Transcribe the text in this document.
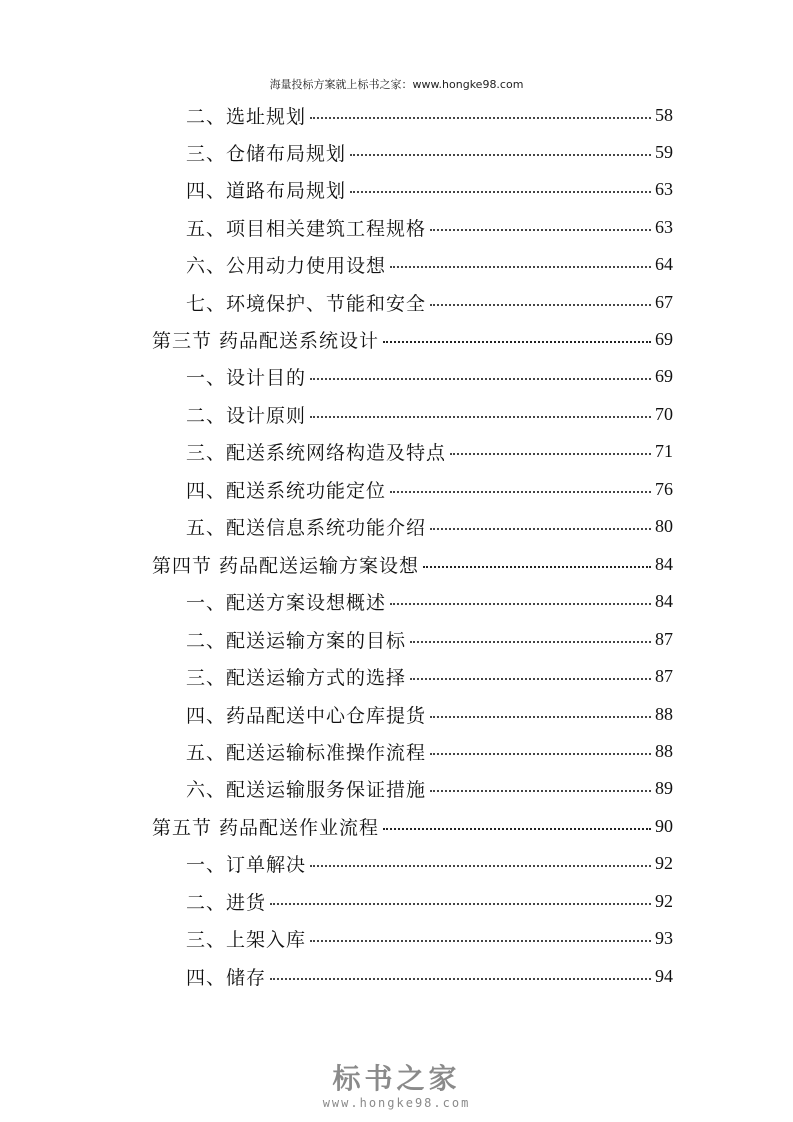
海量投标方案就上标书之家：www.hongke98.com
二、选址规划	58
三、仓储布局规划	59
四、道路布局规划	63
五、项目相关建筑工程规格	63
六、公用动力使用设想	64
七、环境保护、节能和安全	67
第三节 药品配送系统设计	69
一、设计目的	69
二、设计原则	70
三、配送系统网络构造及特点	71
四、配送系统功能定位	76
五、配送信息系统功能介绍	80
第四节 药品配送运输方案设想	84
一、配送方案设想概述	84
二、配送运输方案的目标	87
三、配送运输方式的选择	87
四、药品配送中心仓库提货	88
五、配送运输标准操作流程	88
六、配送运输服务保证措施	89
第五节 药品配送作业流程	90
一、订单解决	92
二、进货	92
三、上架入库	93
四、储存	94
标书之家
www.hongke98.com
